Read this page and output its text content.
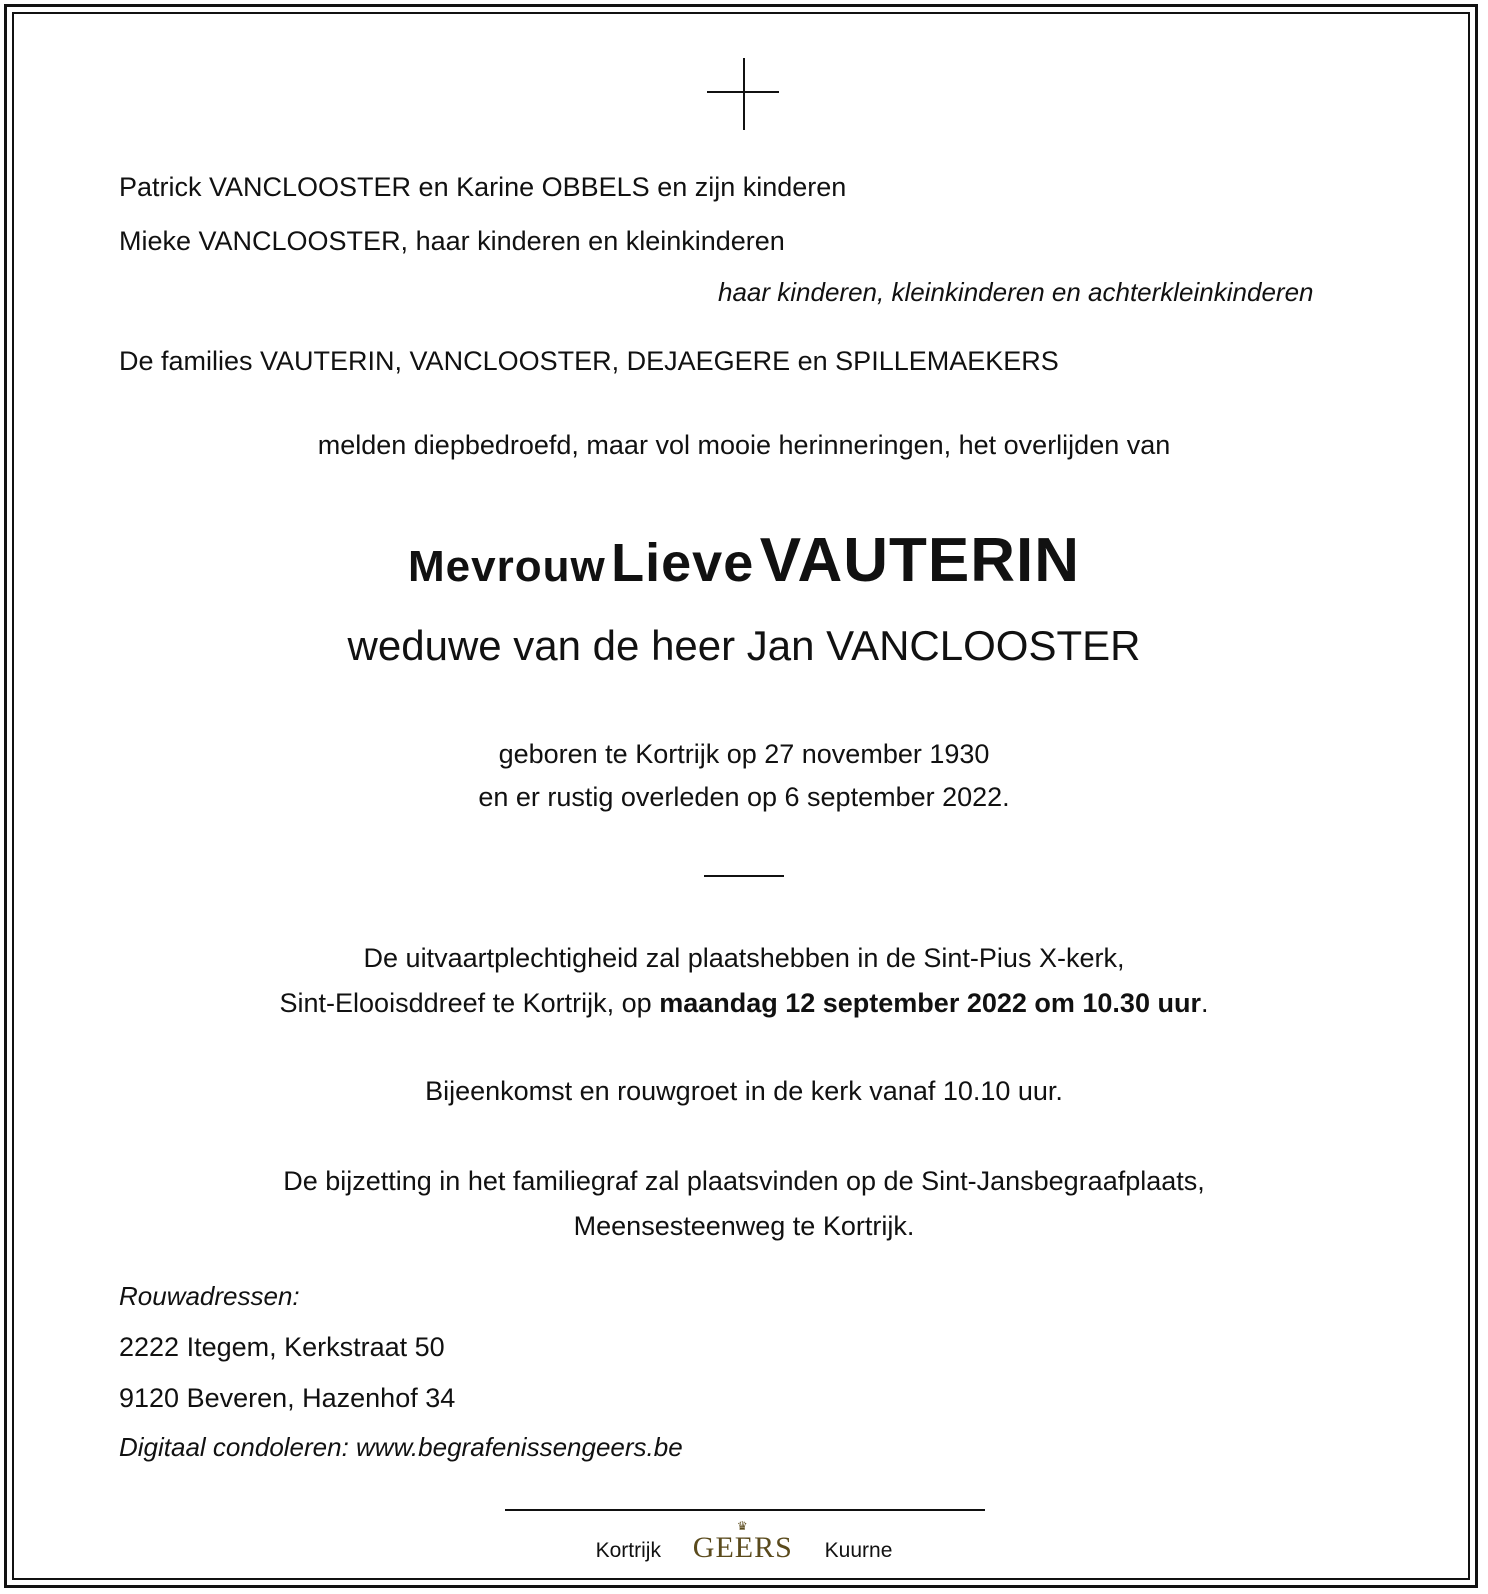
Patrick VANCLOOSTER en Karine OBBELS en zijn kinderen
Mieke VANCLOOSTER, haar kinderen en kleinkinderen
haar kinderen, kleinkinderen en achterkleinkinderen
De families VAUTERIN, VANCLOOSTER, DEJAEGERE en SPILLEMAEKERS
melden diepbedroefd, maar vol mooie herinneringen, het overlijden van
Mevrouw Lieve VAUTERIN
weduwe van de heer Jan VANCLOOSTER
geboren te Kortrijk op 27 november 1930
en er rustig overleden op 6 september 2022.
De uitvaartplechtigheid zal plaatshebben in de Sint-Pius X-kerk,
Sint-Elooisddreef te Kortrijk, op maandag 12 september 2022 om 10.30 uur.
Bijeenkomst en rouwgroet in de kerk vanaf 10.10 uur.
De bijzetting in het familiegraf zal plaatsvinden op de Sint-Jansbegraafplaats,
Meensesteenweg te Kortrijk.
Rouwadressen:
2222 Itegem, Kerkstraat 50
9120 Beveren, Hazenhof 34
Digitaal condoleren: www.begrafenissengeers.be
Kortrijk
♛
GEERS Kuurne
